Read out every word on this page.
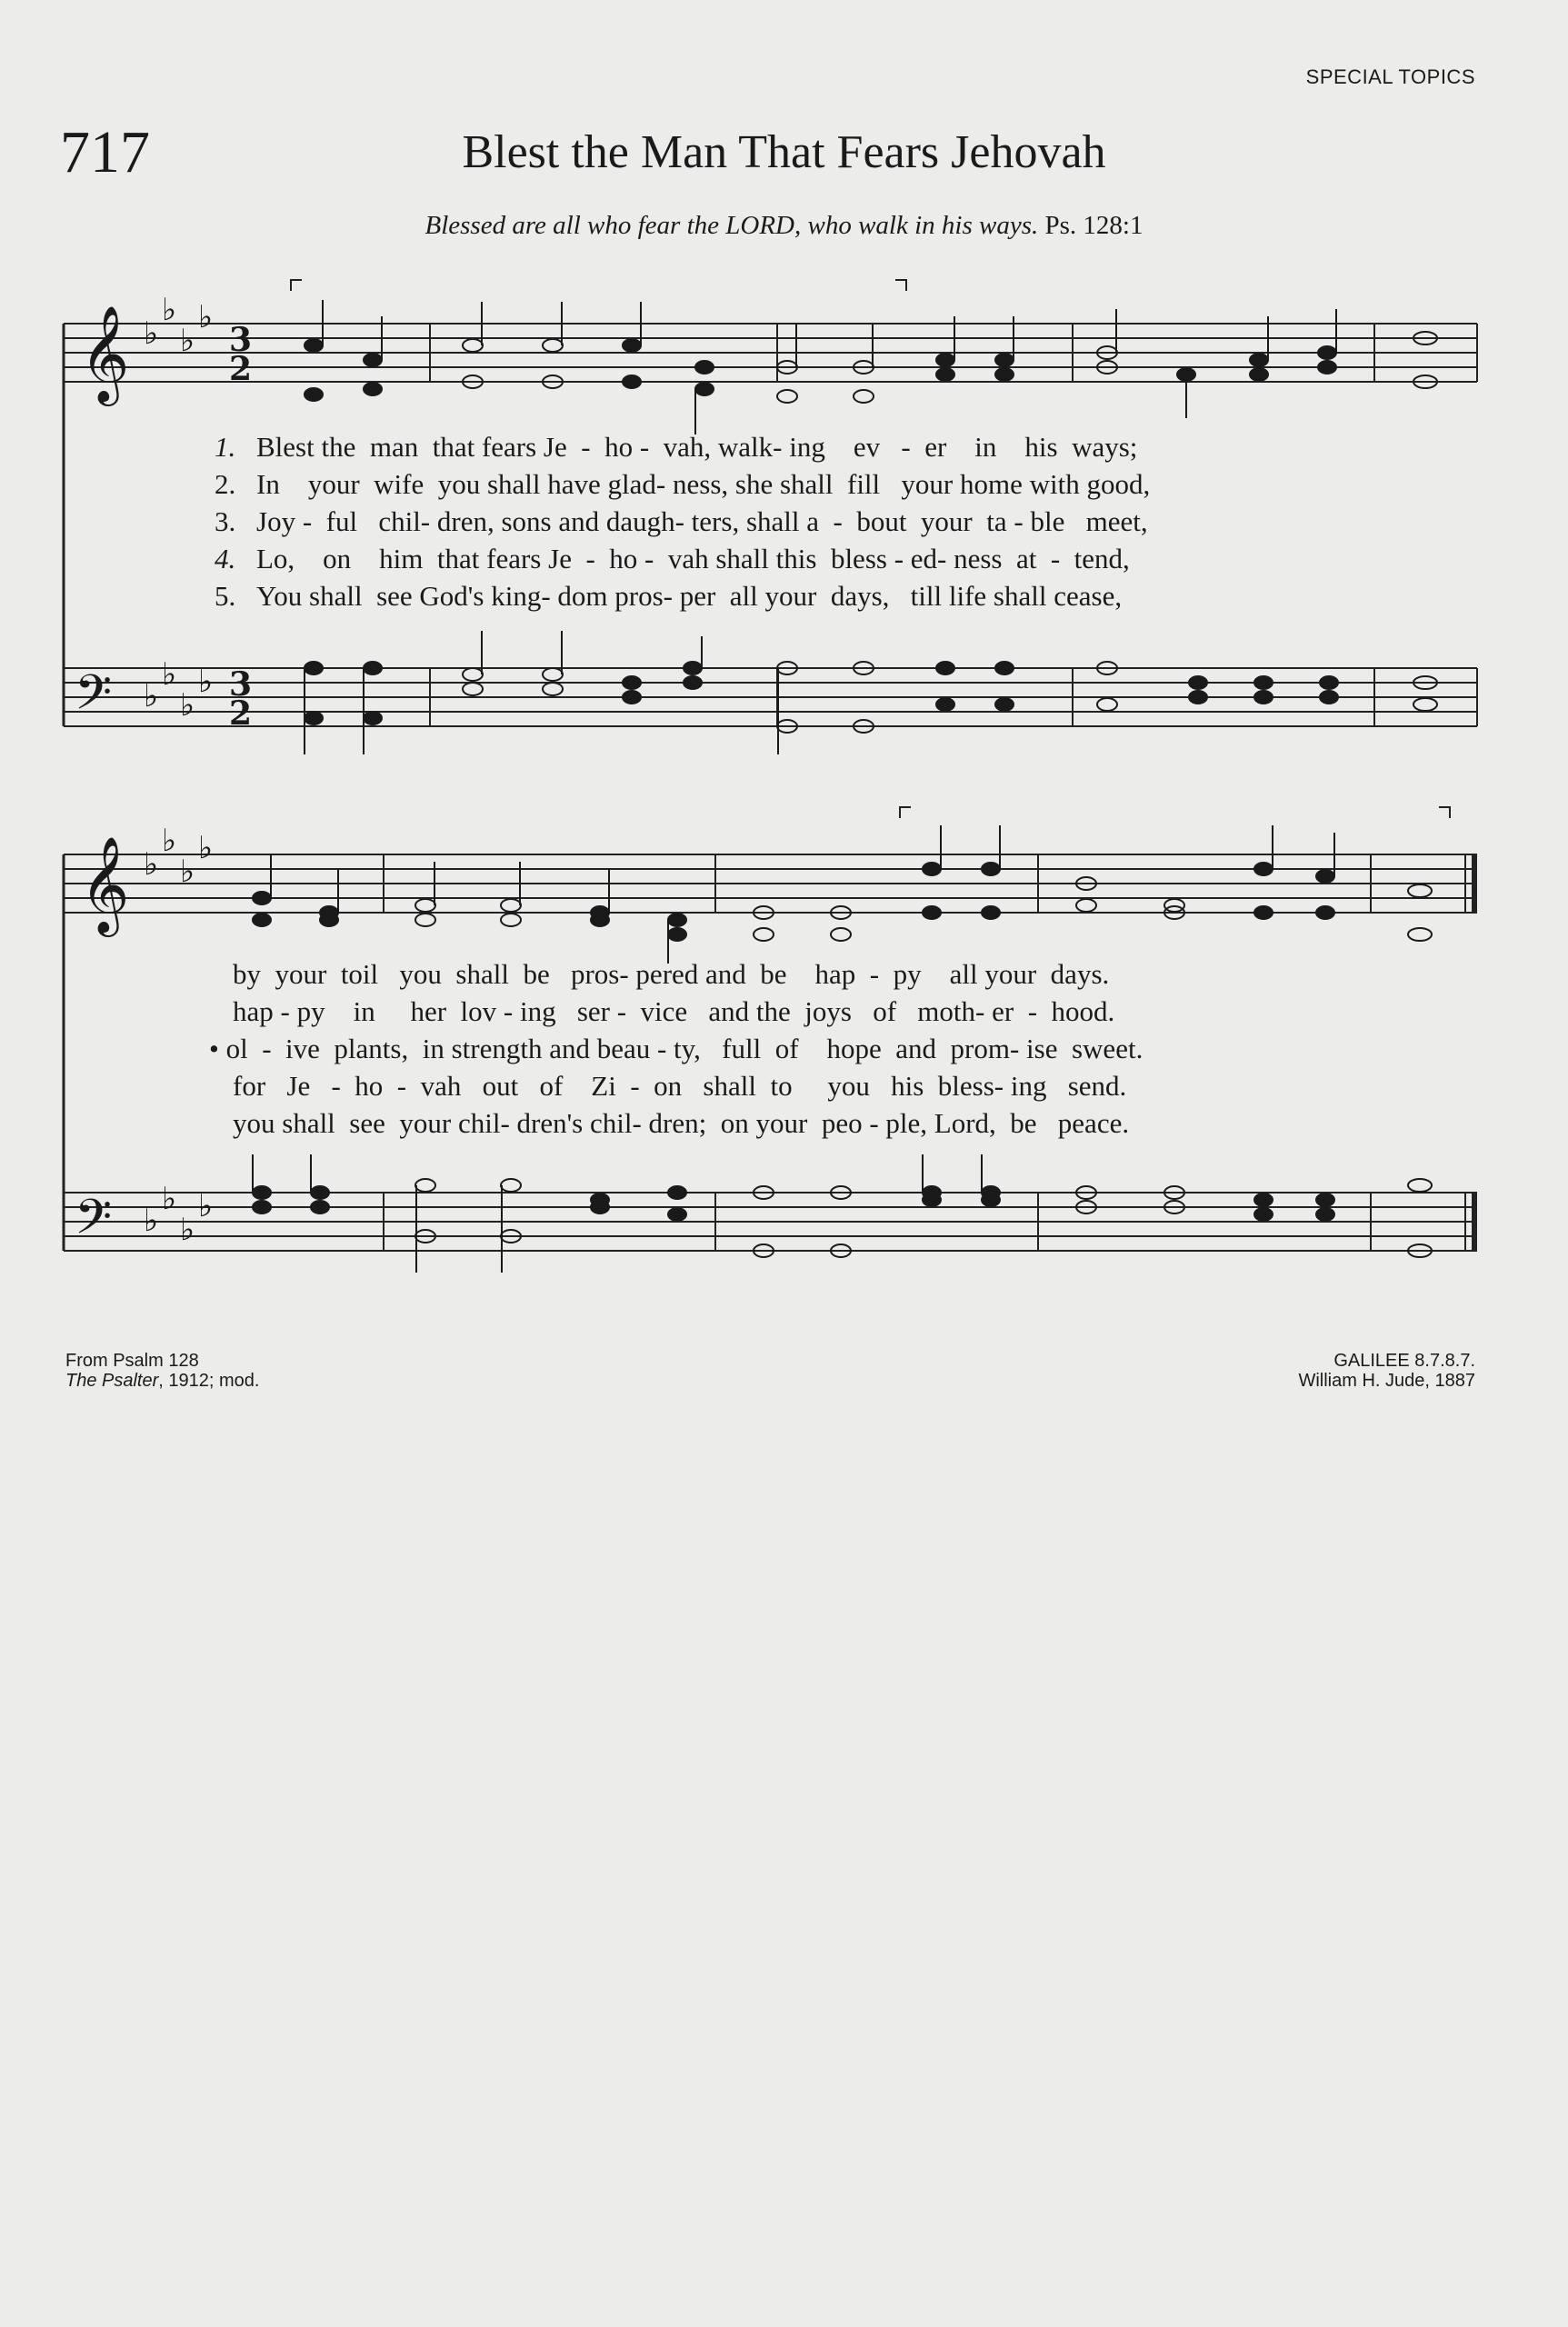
SPECIAL TOPICS
717	Blest the Man That Fears Jehovah
Blessed are all who fear the LORD, who walk in his ways. Ps. 128:1
𝄞
𝄞
𝄢
𝄢
♭
♭
♭
♭
♭
♭
♭
♭
♭
♭
♭
♭
♭
♭
♭
♭
3
2
3
2
1. Blest the  man  that fears Je  -  ho -  vah, walk- ing    ev   -  er    in    his  ways;
2. In    your  wife  you shall have glad- ness, she shall  fill   your home with good,
3. Joy -  ful   chil- dren, sons and daugh- ters, shall a  -  bout  your  ta - ble   meet,
4. Lo,    on    him  that fears Je  -  ho -  vah shall this  bless - ed- ness  at  -  tend,
5. You shall  see God's king- dom pros- per  all your  days,   till life shall cease,
by  your  toil   you  shall  be   pros- pered and  be    hap  -  py    all your  days.
hap - py    in     her  lov - ing   ser -  vice   and the  joys   of   moth- er  -  hood.
• ol  -  ive  plants,  in strength and beau - ty,   full  of    hope  and  prom- ise  sweet.
for   Je   -  ho  -  vah   out   of    Zi  -  on   shall  to     you   his  bless- ing   send.
you shall  see  your chil- dren's chil- dren;  on your  peo - ple, Lord,  be   peace.
From Psalm 128
The Psalter, 1912; mod.
GALILEE 8.7.8.7.
William H. Jude, 1887
